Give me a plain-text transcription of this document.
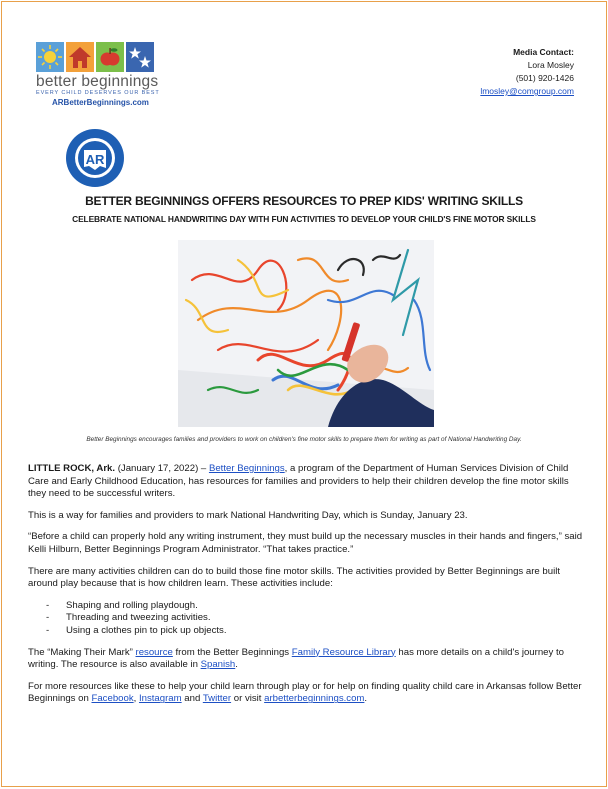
better beginnings
EVERY CHILD DESERVES OUR BEST
ARBetterBeginnings.com
Media Contact:
Lora Mosley
(501) 920-1426
lmosley@comgroup.com
AR
BETTER BEGINNINGS OFFERS RESOURCES TO PREP KIDS' WRITING SKILLS
CELEBRATE NATIONAL HANDWRITING DAY WITH FUN ACTIVITIES TO DEVELOP YOUR CHILD'S FINE MOTOR SKILLS
Better Beginnings encourages families and providers to work on children's fine motor skills to prepare them for writing as part of National Handwriting Day.

LITTLE ROCK, Ark. (January 17, 2022) – Better Beginnings, a program of the Department of Human Services Division of Child Care and Early Childhood Education, has resources for families and providers to help their children develop the fine motor skills they need to be successful writers.

This is a way for families and providers to mark National Handwriting Day, which is Sunday, January 23.

“Before a child can properly hold any writing instrument, they must build up the necessary muscles in their hands and fingers,” said Kelli Hilburn, Better Beginnings Program Administrator. “That takes practice.”

There are many activities children can do to build those fine motor skills. The activities provided by Better Beginnings are built around play because that is how children learn. These activities include:

- Shaping and rolling playdough.
- Threading and tweezing activities.
- Using a clothes pin to pick up objects.

The “Making Their Mark” resource from the Better Beginnings Family Resource Library has more details on a child's journey to writing. The resource is also available in Spanish.

For more resources like these to help your child learn through play or for help on finding quality child care in Arkansas follow Better Beginnings on Facebook, Instagram and Twitter or visit arbetterbeginnings.com.
